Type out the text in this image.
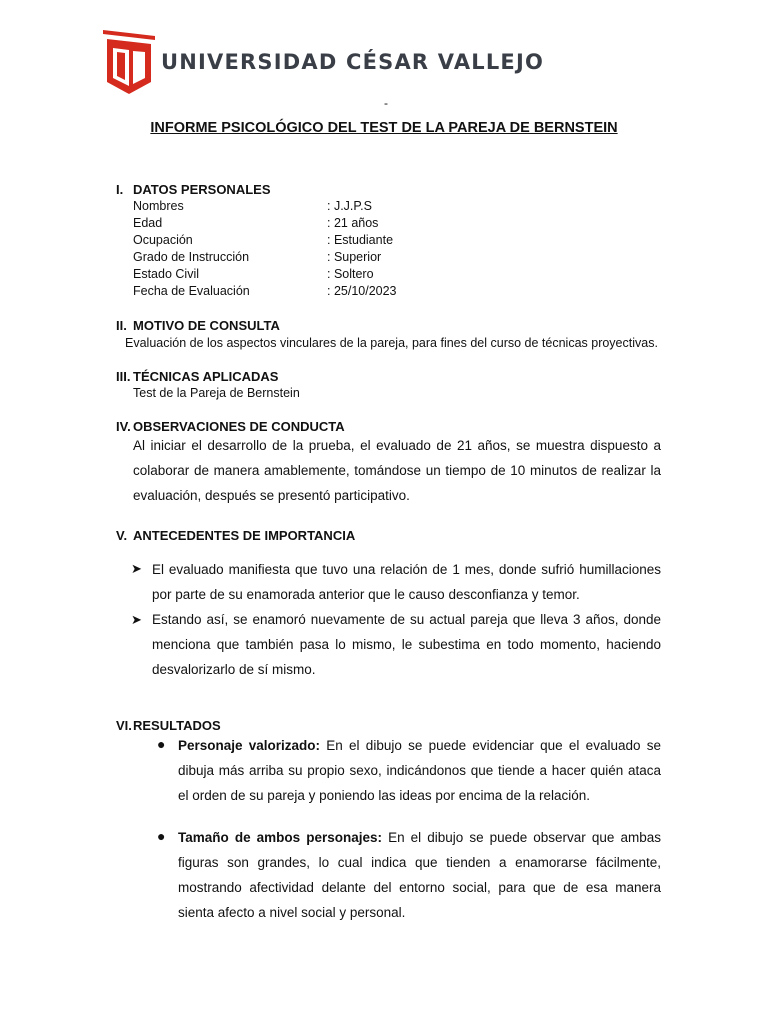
UNIVERSIDAD CÉSAR VALLEJO
-
INFORME PSICOLÓGICO DEL TEST DE LA PAREJA DE BERNSTEIN
I. DATOS PERSONALES
Nombres	: J.J.P.S
Edad	: 21 años
Ocupación	: Estudiante
Grado de Instrucción	: Superior
Estado Civil	: Soltero
Fecha de Evaluación	: 25/10/2023
II. MOTIVO DE CONSULTA
Evaluación de los aspectos vinculares de la pareja, para fines del curso de técnicas proyectivas.
III. TÉCNICAS APLICADAS
Test de la Pareja de Bernstein
IV. OBSERVACIONES DE CONDUCTA
Al iniciar el desarrollo de la prueba, el evaluado de 21 años, se muestra dispuesto a colaborar de manera amablemente, tomándose un tiempo de 10 minutos de realizar la evaluación, después se presentó participativo.
V. ANTECEDENTES DE IMPORTANCIA
➤ El evaluado manifiesta que tuvo una relación de 1 mes, donde sufrió humillaciones por parte de su enamorada anterior que le causo desconfianza y temor.
➤ Estando así, se enamoró nuevamente de su actual pareja que lleva 3 años, donde menciona que también pasa lo mismo, le subestima en todo momento, haciendo desvalorizarlo de sí mismo.
VI.RESULTADOS
● Personaje valorizado: En el dibujo se puede evidenciar que el evaluado se dibuja más arriba su propio sexo, indicándonos que tiende a hacer quién ataca el orden de su pareja y poniendo las ideas por encima de la relación.
● Tamaño de ambos personajes: En el dibujo se puede observar que ambas figuras son grandes, lo cual indica que tienden a enamorarse fácilmente, mostrando afectividad delante del entorno social, para que de esa manera sienta afecto a nivel social y personal.
